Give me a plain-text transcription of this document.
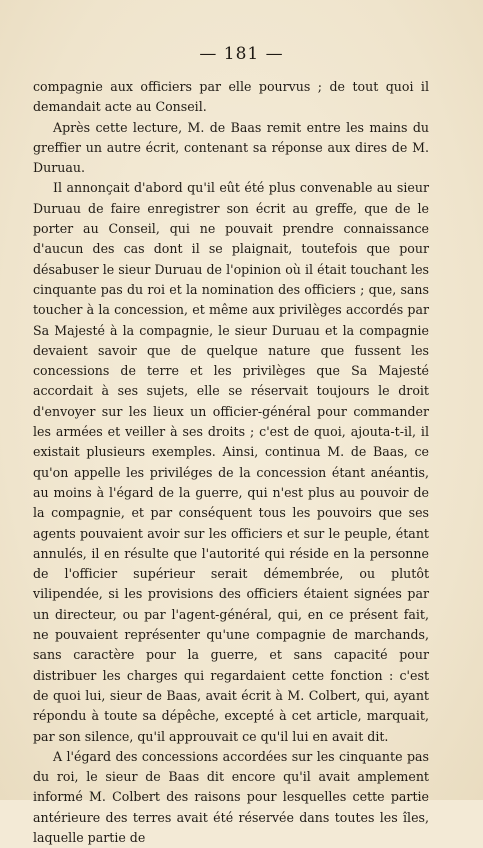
— 181 —

compagnie aux officiers par elle pourvus ; de tout quoi il demandait acte au Conseil.

Après cette lecture, M. de Baas remit entre les mains du greffier un autre écrit, contenant sa réponse aux dires de M. Duruau.

Il annonçait d'abord qu'il eût été plus convenable au sieur Duruau de faire enregistrer son écrit au greffe, que de le porter au Conseil, qui ne pouvait prendre connaissance d'aucun des cas dont il se plaignait, toutefois que pour désabuser le sieur Duruau de l'opinion où il était touchant les cinquante pas du roi et la nomination des officiers ; que, sans toucher à la concession, et même aux privilèges accordés par Sa Majesté à la compagnie, le sieur Duruau et la compagnie devaient savoir que de quelque nature que fussent les concessions de terre et les privilèges que Sa Majesté accordait à ses sujets, elle se réservait toujours le droit d'envoyer sur les lieux un officier-général pour commander les armées et veiller à ses droits ; c'est de quoi, ajouta-t-il, il existait plusieurs exemples. Ainsi, continua M. de Baas, ce qu'on appelle les priviléges de la concession étant anéantis, au moins à l'égard de la guerre, qui n'est plus au pouvoir de la compagnie, et par conséquent tous les pouvoirs que ses agents pouvaient avoir sur les officiers et sur le peuple, étant annulés, il en résulte que l'autorité qui réside en la personne de l'officier supérieur serait démembrée, ou plutôt vilipendée, si les provisions des officiers étaient signées par un directeur, ou par l'agent-général, qui, en ce présent fait, ne pouvaient représenter qu'une compagnie de marchands, sans caractère pour la guerre, et sans capacité pour distribuer les charges qui regardaient cette fonction : c'est de quoi lui, sieur de Baas, avait écrit à M. Colbert, qui, ayant répondu à toute sa dépêche, excepté à cet article, marquait, par son silence, qu'il approuvait ce qu'il lui en avait dit.

A l'égard des concessions accordées sur les cinquante pas du roi, le sieur de Baas dit encore qu'il avait amplement informé M. Colbert des raisons pour lesquelles cette partie antérieure des terres avait été réservée dans toutes les îles, laquelle partie de
